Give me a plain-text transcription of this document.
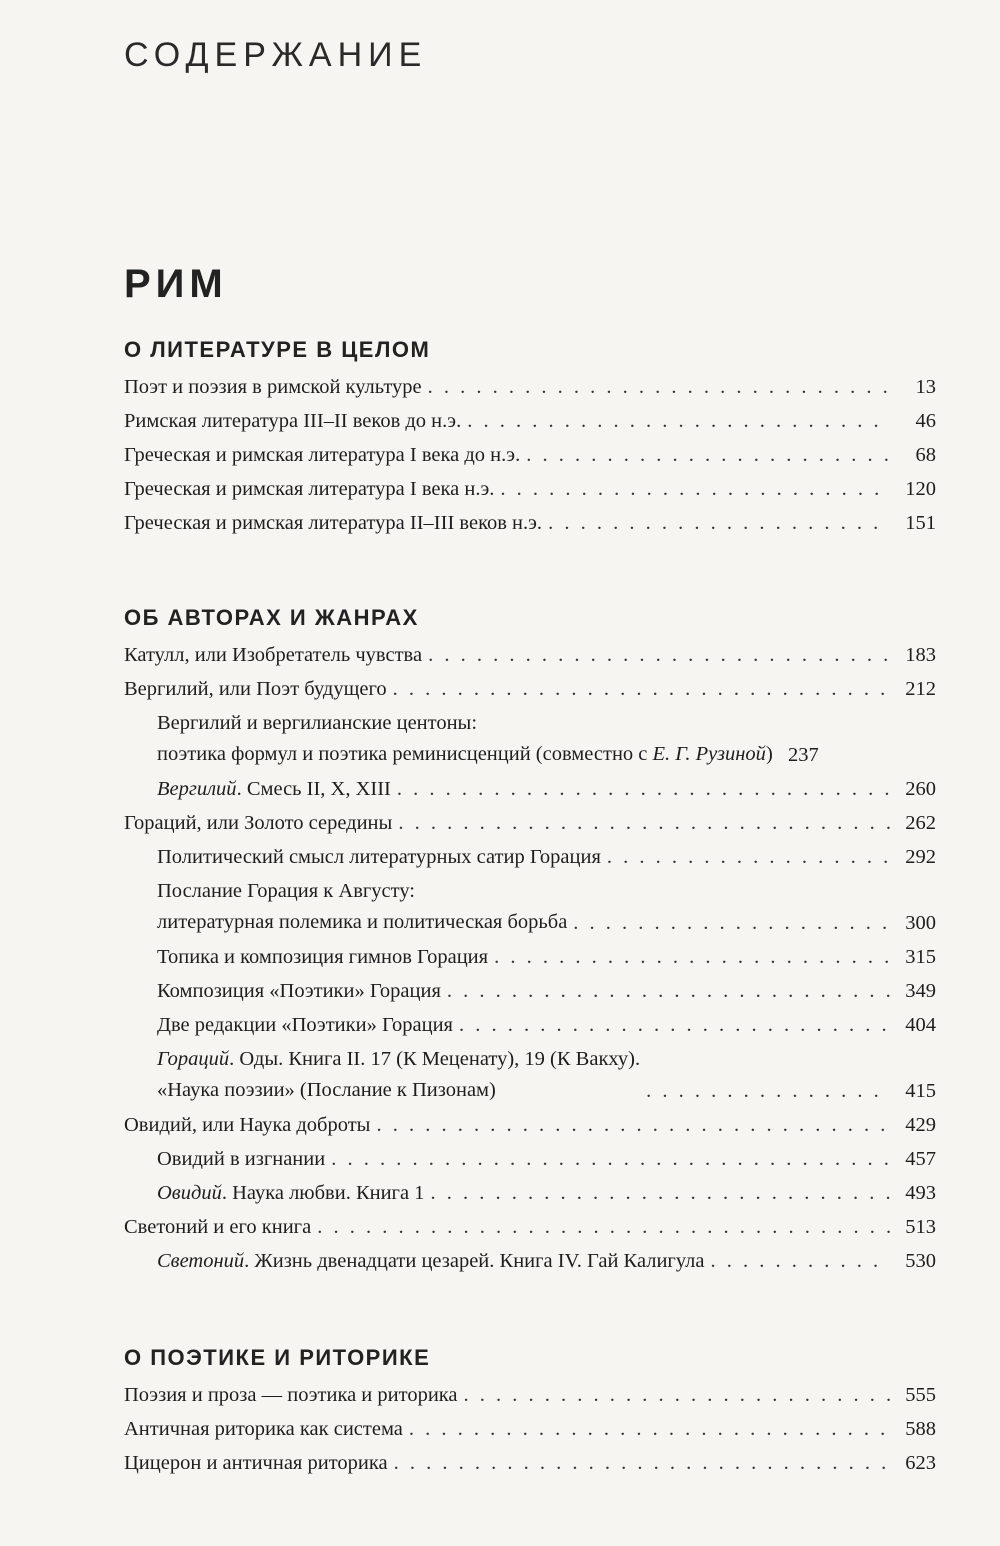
СОДЕРЖАНИЕ
РИМ
О ЛИТЕРАТУРЕ В ЦЕЛОМ
Поэт и поэзия в римской культуре . . .	13
Римская литература III–II веков до н.э. . . .	46
Греческая и римская литература I века до н.э. . . .	68
Греческая и римская литература I века н.э. . . .	120
Греческая и римская литература II–III веков н.э. . . .	151
ОБ АВТОРАХ И ЖАНРАХ
Катулл, или Изобретатель чувства . . .	183
Вергилий, или Поэт будущего . . .	212
Вергилий и вергилианские центоны:
поэтика формул и поэтика реминисценций (совместно с Е. Г. Рузиной) 237
Вергилий. Смесь II, X, XIII . . .	260
Гораций, или Золото середины . . .	262
Политический смысл литературных сатир Горация . . .	292
Послание Горация к Августу:
литературная полемика и политическая борьба . . .	300
Топика и композиция гимнов Горация . . .	315
Композиция «Поэтики» Горация . . .	349
Две редакции «Поэтики» Горация . . .	404
Гораций. Оды. Книга II. 17 (К Меценату), 19 (К Вакху).
«Наука поэзии» (Послание к Пизонам) . . .	415
Овидий, или Наука доброты . . .	429
Овидий в изгнании . . .	457
Овидий. Наука любви. Книга 1 . . .	493
Светоний и его книга . . .	513
Светоний. Жизнь двенадцати цезарей. Книга IV. Гай Калигула . . .	530
О ПОЭТИКЕ И РИТОРИКЕ
Поэзия и проза — поэтика и риторика . . .	555
Античная риторика как система . . .	588
Цицерон и античная риторика . . .	623
